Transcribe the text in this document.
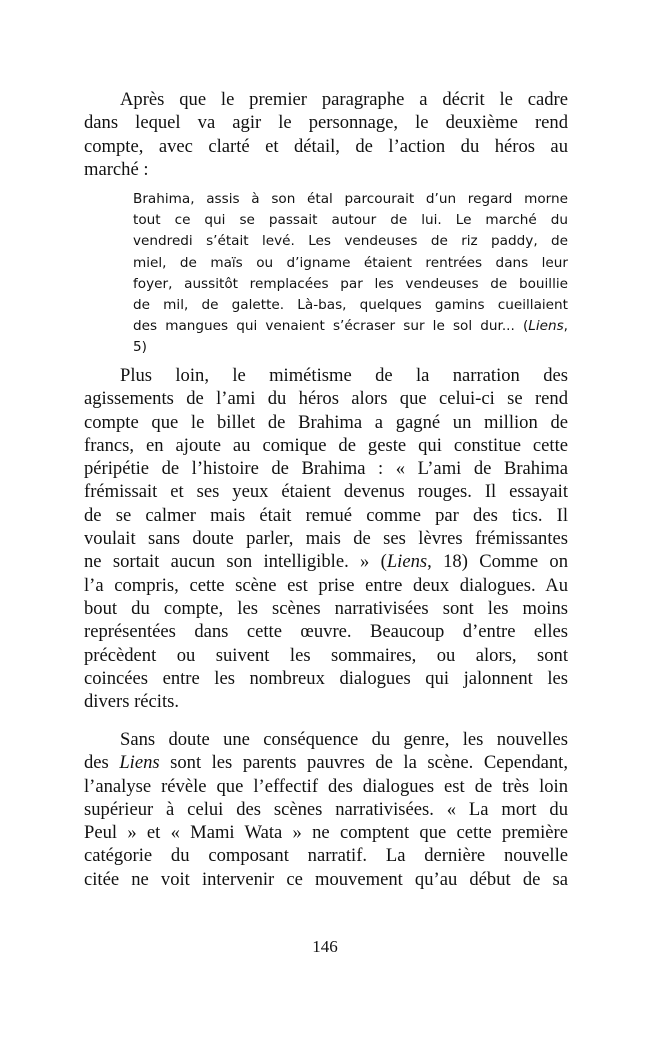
Après que le premier paragraphe a décrit le cadre
dans lequel va agir le personnage, le deuxième rend
compte, avec clarté et détail, de l’action du héros au
marché :
Brahima, assis à son étal parcourait d’un regard morne
tout ce qui se passait autour de lui. Le marché du
vendredi s’était levé. Les vendeuses de riz paddy, de
miel, de maïs ou d’igname étaient rentrées dans leur
foyer, aussitôt remplacées par les vendeuses de bouillie
de mil, de galette. Là-bas, quelques gamins cueillaient
des mangues qui venaient s’écraser sur le sol dur... (Liens,
5)
Plus loin, le mimétisme de la narration des
agissements de l’ami du héros alors que celui-ci se rend
compte que le billet de Brahima a gagné un million de
francs, en ajoute au comique de geste qui constitue cette
péripétie de l’histoire de Brahima : « L’ami de Brahima
frémissait et ses yeux étaient devenus rouges. Il essayait
de se calmer mais était remué comme par des tics. Il
voulait sans doute parler, mais de ses lèvres frémissantes
ne sortait aucun son intelligible. » (Liens, 18) Comme on
l’a compris, cette scène est prise entre deux dialogues. Au
bout du compte, les scènes narrativisées sont les moins
représentées dans cette œuvre. Beaucoup d’entre elles
précèdent ou suivent les sommaires, ou alors, sont
coincées entre les nombreux dialogues qui jalonnent les
divers récits.
Sans doute une conséquence du genre, les nouvelles
des Liens sont les parents pauvres de la scène. Cependant,
l’analyse révèle que l’effectif des dialogues est de très loin
supérieur à celui des scènes narrativisées. « La mort du
Peul » et « Mami Wata » ne comptent que cette première
catégorie du composant narratif. La dernière nouvelle
citée ne voit intervenir ce mouvement qu’au début de sa
146
